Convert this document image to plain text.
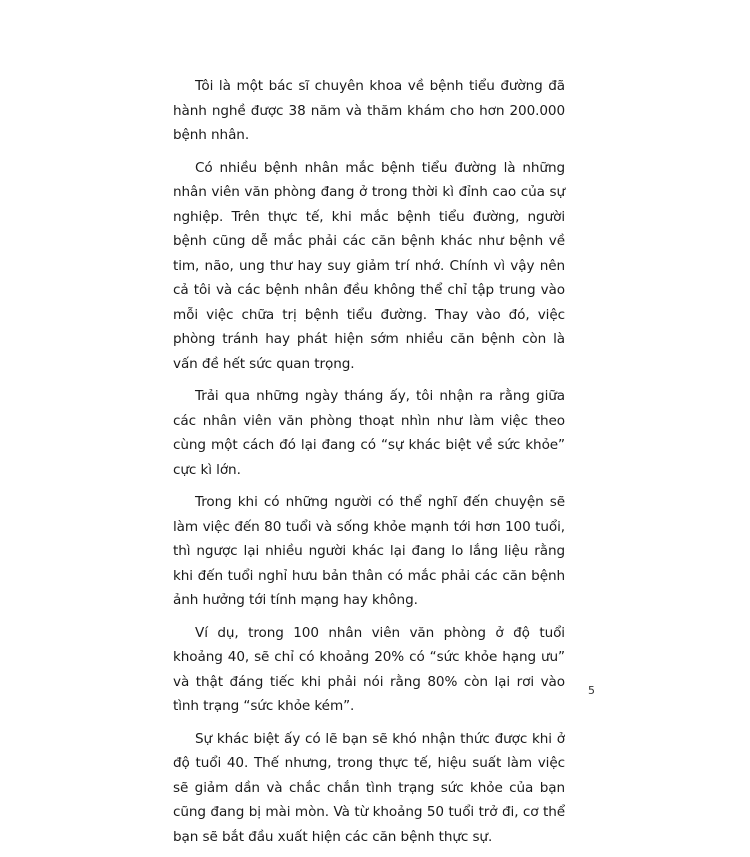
Tôi là một bác sĩ chuyên khoa về bệnh tiểu đường đã hành nghề được 38 năm và thăm khám cho hơn 200.000 bệnh nhân.

Có nhiều bệnh nhân mắc bệnh tiểu đường là những nhân viên văn phòng đang ở trong thời kì đỉnh cao của sự nghiệp. Trên thực tế, khi mắc bệnh tiểu đường, người bệnh cũng dễ mắc phải các căn bệnh khác như bệnh về tim, não, ung thư hay suy giảm trí nhớ. Chính vì vậy nên cả tôi và các bệnh nhân đều không thể chỉ tập trung vào mỗi việc chữa trị bệnh tiểu đường. Thay vào đó, việc phòng tránh hay phát hiện sớm nhiều căn bệnh còn là vấn đề hết sức quan trọng.

Trải qua những ngày tháng ấy, tôi nhận ra rằng giữa các nhân viên văn phòng thoạt nhìn như làm việc theo cùng một cách đó lại đang có “sự khác biệt về sức khỏe” cực kì lớn.

Trong khi có những người có thể nghĩ đến chuyện sẽ làm việc đến 80 tuổi và sống khỏe mạnh tới hơn 100 tuổi, thì ngược lại nhiều người khác lại đang lo lắng liệu rằng khi đến tuổi nghỉ hưu bản thân có mắc phải các căn bệnh ảnh hưởng tới tính mạng hay không.

Ví dụ, trong 100 nhân viên văn phòng ở độ tuổi khoảng 40, sẽ chỉ có khoảng 20% có “sức khỏe hạng ưu” và thật đáng tiếc khi phải nói rằng 80% còn lại rơi vào tình trạng “sức khỏe kém”.

Sự khác biệt ấy có lẽ bạn sẽ khó nhận thức được khi ở độ tuổi 40. Thế nhưng, trong thực tế, hiệu suất làm việc sẽ giảm dần và chắc chắn tình trạng sức khỏe của bạn cũng đang bị mài mòn. Và từ khoảng 50 tuổi trở đi, cơ thể bạn sẽ bắt đầu xuất hiện các căn bệnh thực sự.

5
